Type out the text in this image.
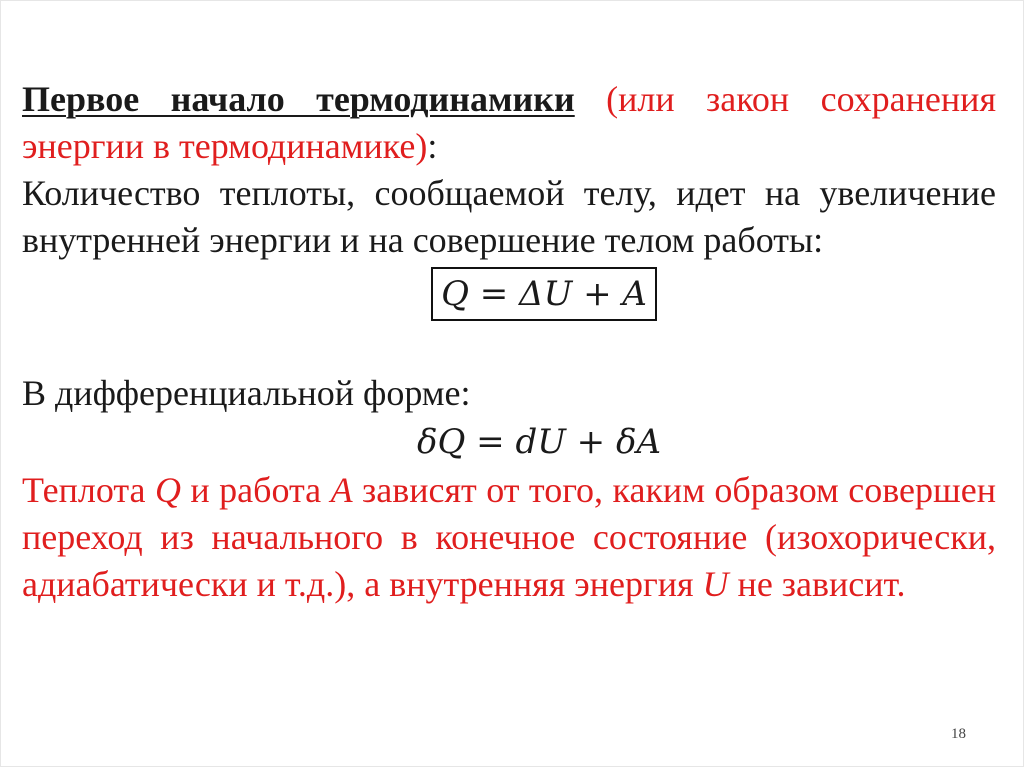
Первое начало термодинамики (или закон сохранения энергии в термодинамике):

Количество теплоты, сообщаемой телу, идет на увеличение внутренней энергии и на совершение телом работы:

Q = ΔU + A

В дифференциальной форме:

δQ = dU + δA

Теплота Q и работа A зависят от того, каким образом совершен переход из начального в конечное состояние (изохорически, адиабатически и т.д.), а внутренняя энергия U не зависит.

18
